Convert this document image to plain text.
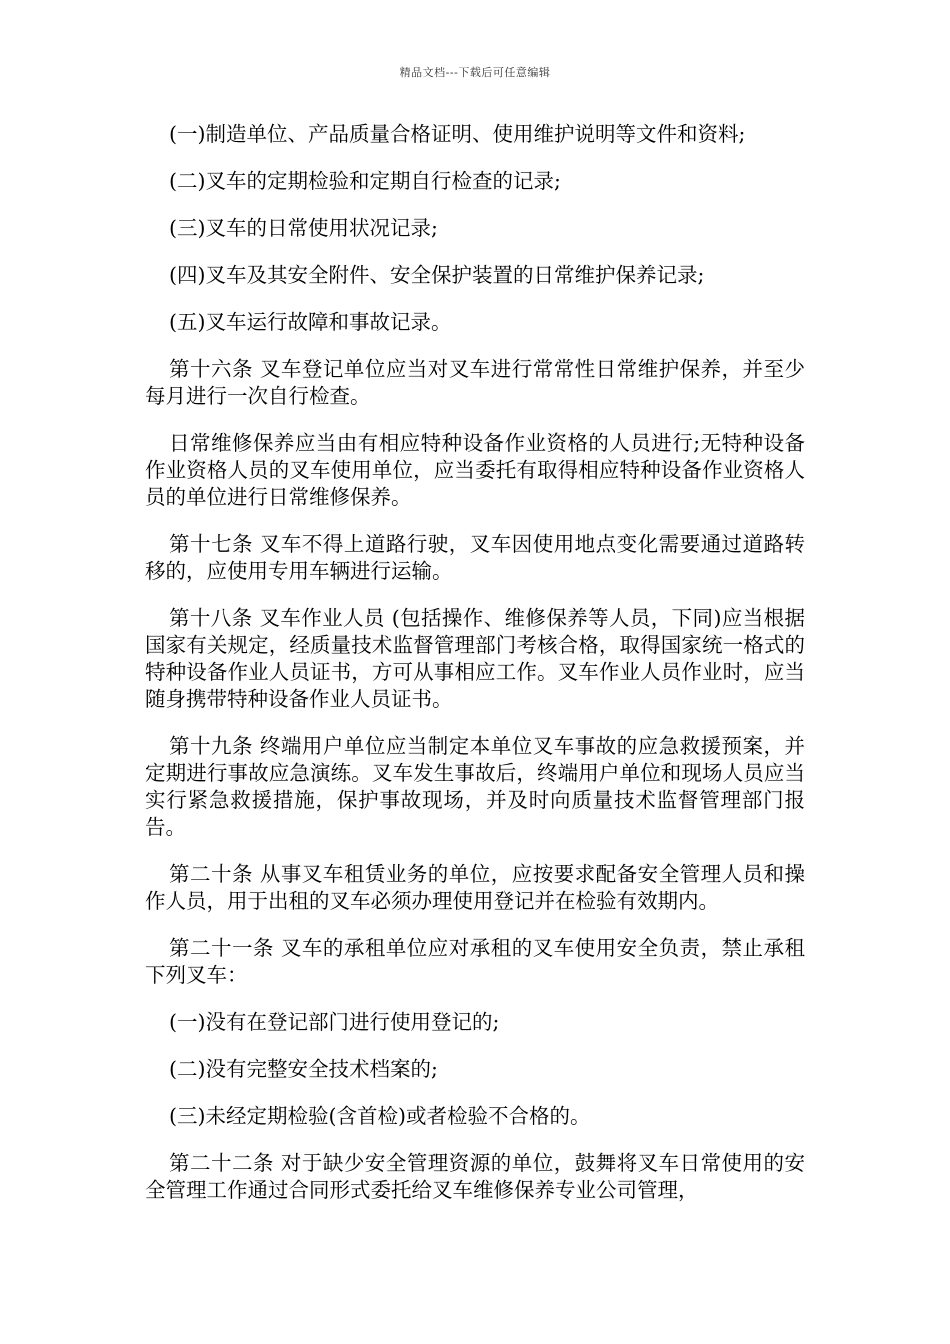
精品文档---下载后可任意编辑

(一)制造单位、产品质量合格证明、使用维护说明等文件和资料;

(二)叉车的定期检验和定期自行检查的记录;

(三)叉车的日常使用状况记录;

(四)叉车及其安全附件、安全保护装置的日常维护保养记录;

(五)叉车运行故障和事故记录。

第十六条 叉车登记单位应当对叉车进行常常性日常维护保养，并至少每月进行一次自行检查。

日常维修保养应当由有相应特种设备作业资格的人员进行;无特种设备作业资格人员的叉车使用单位，应当委托有取得相应特种设备作业资格人员的单位进行日常维修保养。

第十七条 叉车不得上道路行驶，叉车因使用地点变化需要通过道路转移的，应使用专用车辆进行运输。

第十八条 叉车作业人员 (包括操作、维修保养等人员，下同)应当根据国家有关规定，经质量技术监督管理部门考核合格，取得国家统一格式的特种设备作业人员证书，方可从事相应工作。叉车作业人员作业时，应当随身携带特种设备作业人员证书。

第十九条 终端用户单位应当制定本单位叉车事故的应急救援预案，并定期进行事故应急演练。叉车发生事故后，终端用户单位和现场人员应当实行紧急救援措施，保护事故现场，并及时向质量技术监督管理部门报告。

第二十条 从事叉车租赁业务的单位，应按要求配备安全管理人员和操作人员，用于出租的叉车必须办理使用登记并在检验有效期内。

第二十一条 叉车的承租单位应对承租的叉车使用安全负责，禁止承租下列叉车：

(一)没有在登记部门进行使用登记的;

(二)没有完整安全技术档案的;

(三)未经定期检验(含首检)或者检验不合格的。

第二十二条 对于缺少安全管理资源的单位，鼓舞将叉车日常使用的安全管理工作通过合同形式委托给叉车维修保养专业公司管理，
